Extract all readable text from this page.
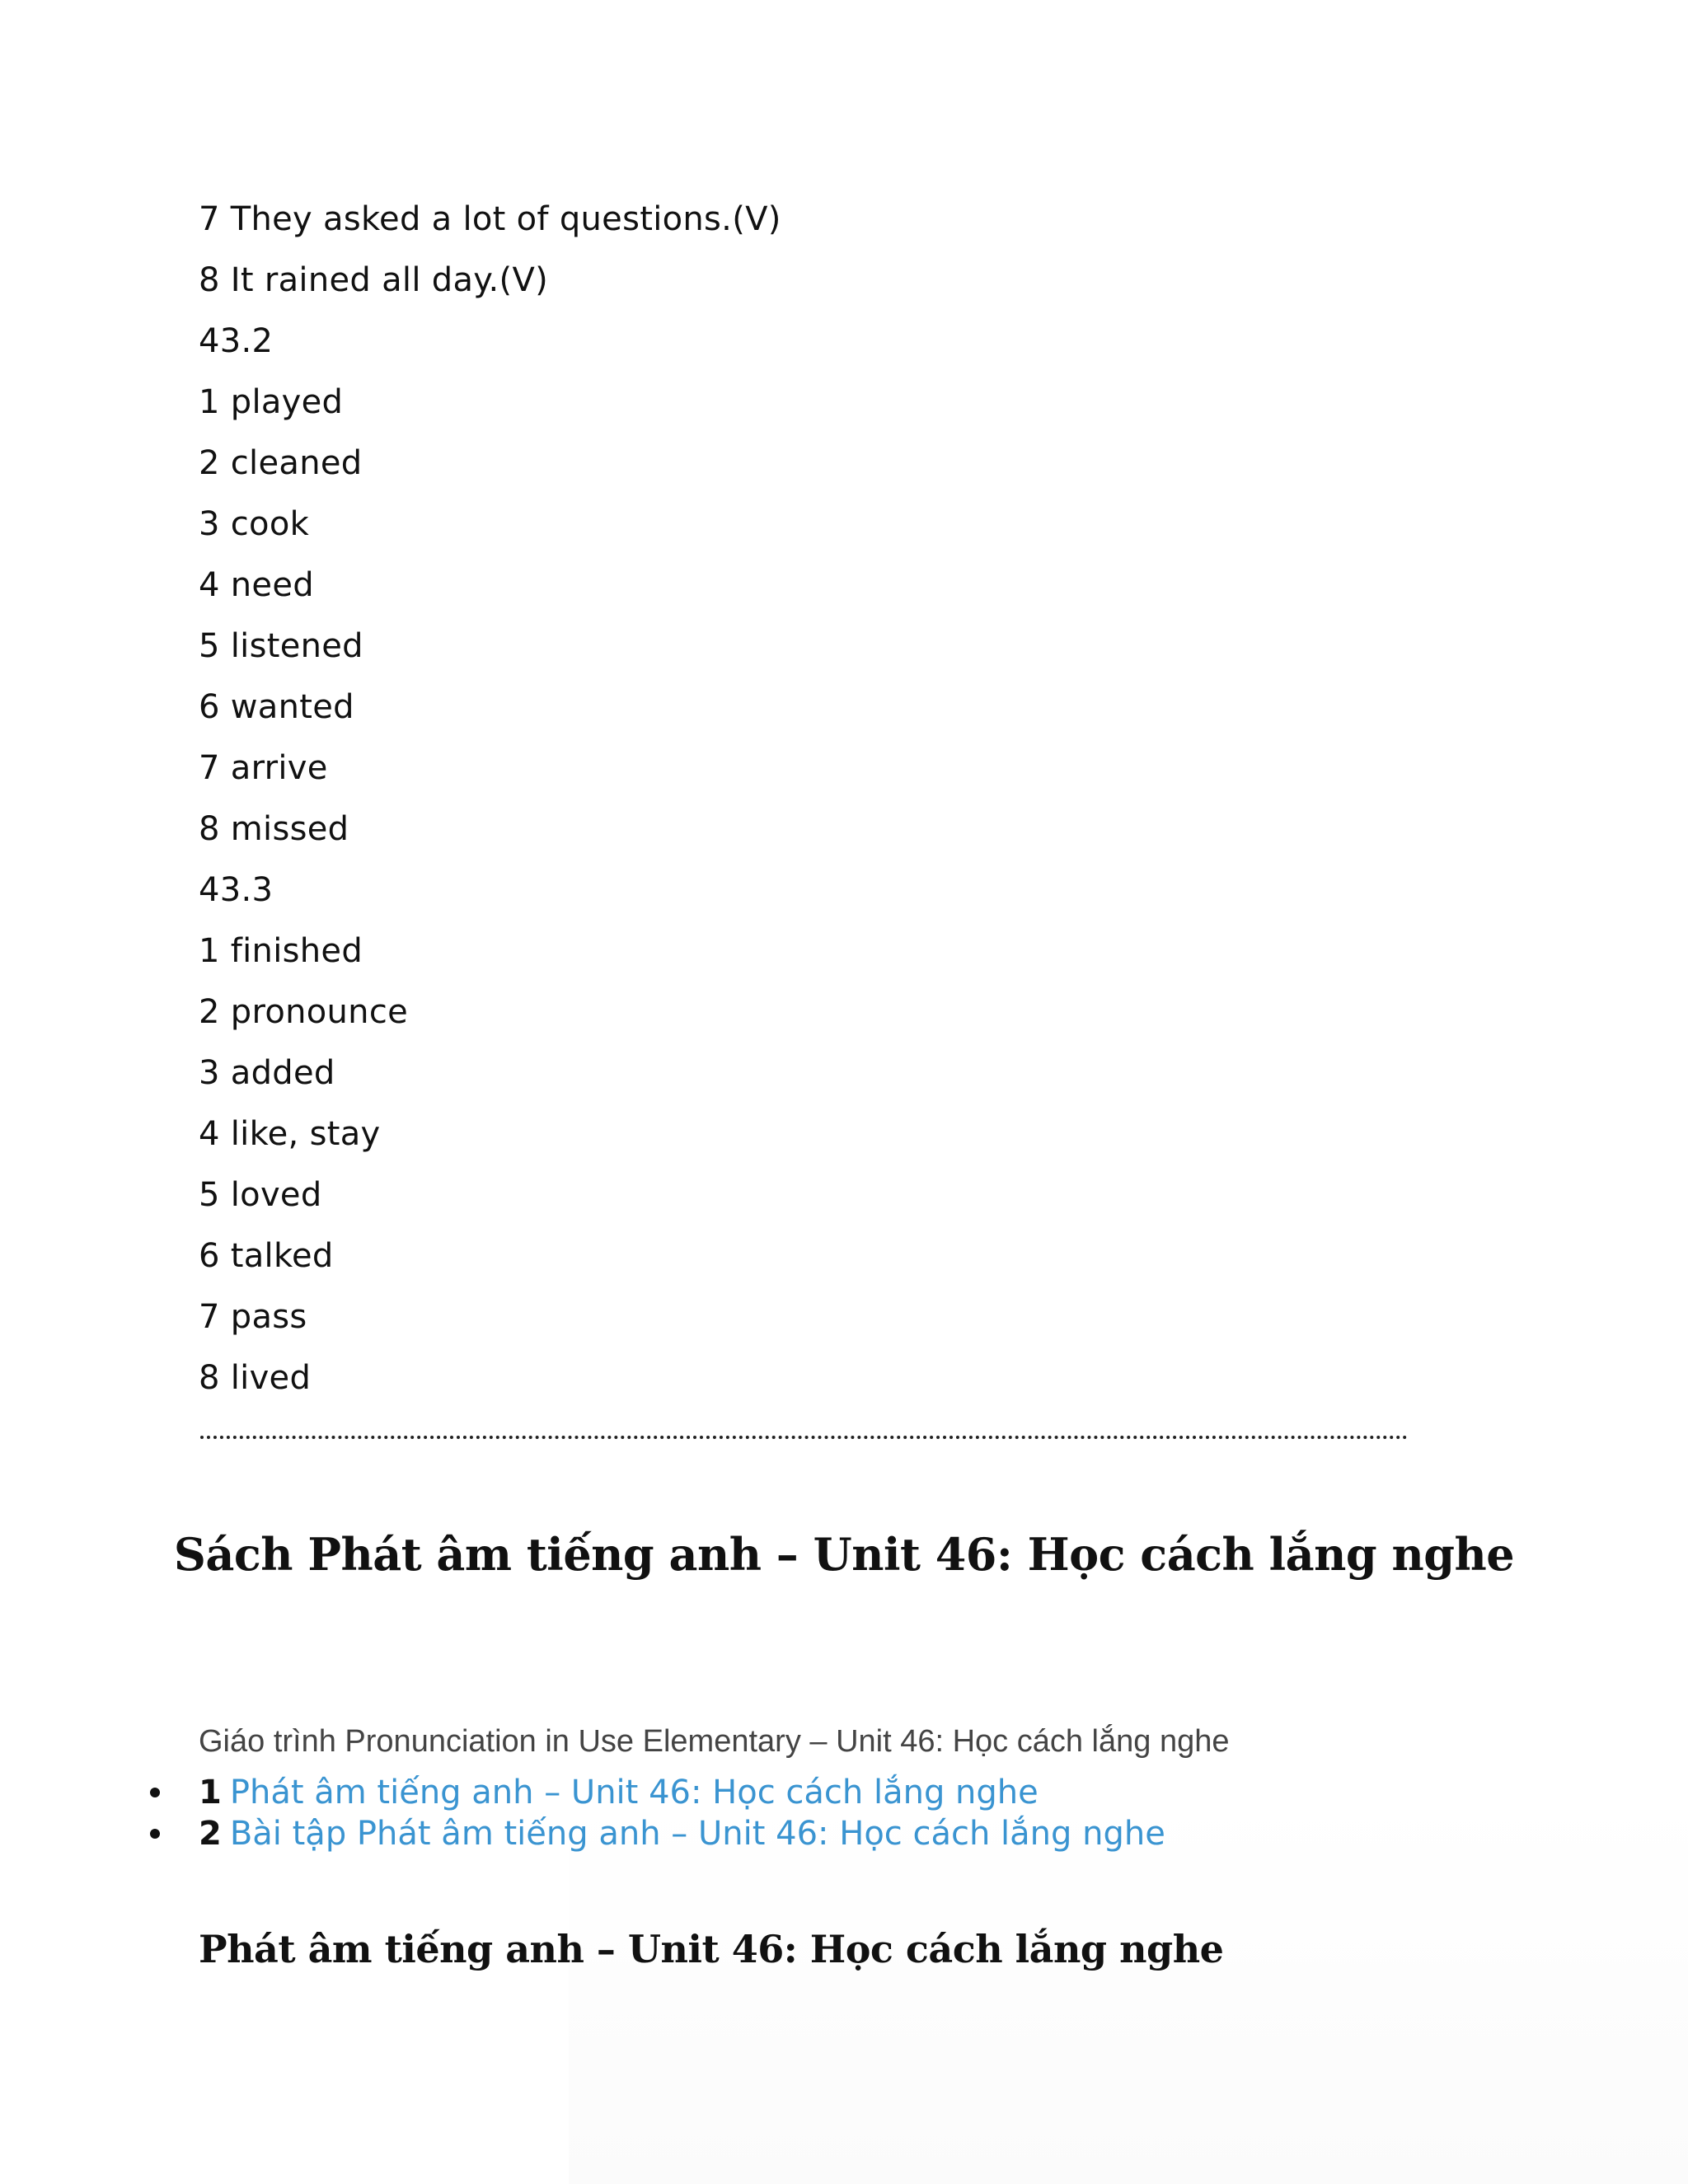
7 They asked a lot of questions.(V)
8 It rained all day.(V)
43.2
1 played
2 cleaned
3 cook
4 need
5 listened
6 wanted
7 arrive
8 missed
43.3
1 finished
2 pronounce
3 added
4 like, stay
5 loved
6 talked
7 pass
8 lived
Sách Phát âm tiếng anh – Unit 46: Học cách lắng nghe

Giáo trình Pronunciation in Use Elementary – Unit 46: Học cách lắng nghe

1 Phát âm tiếng anh – Unit 46: Học cách lắng nghe
2 Bài tập Phát âm tiếng anh – Unit 46: Học cách lắng nghe
Phát âm tiếng anh – Unit 46: Học cách lắng nghe
